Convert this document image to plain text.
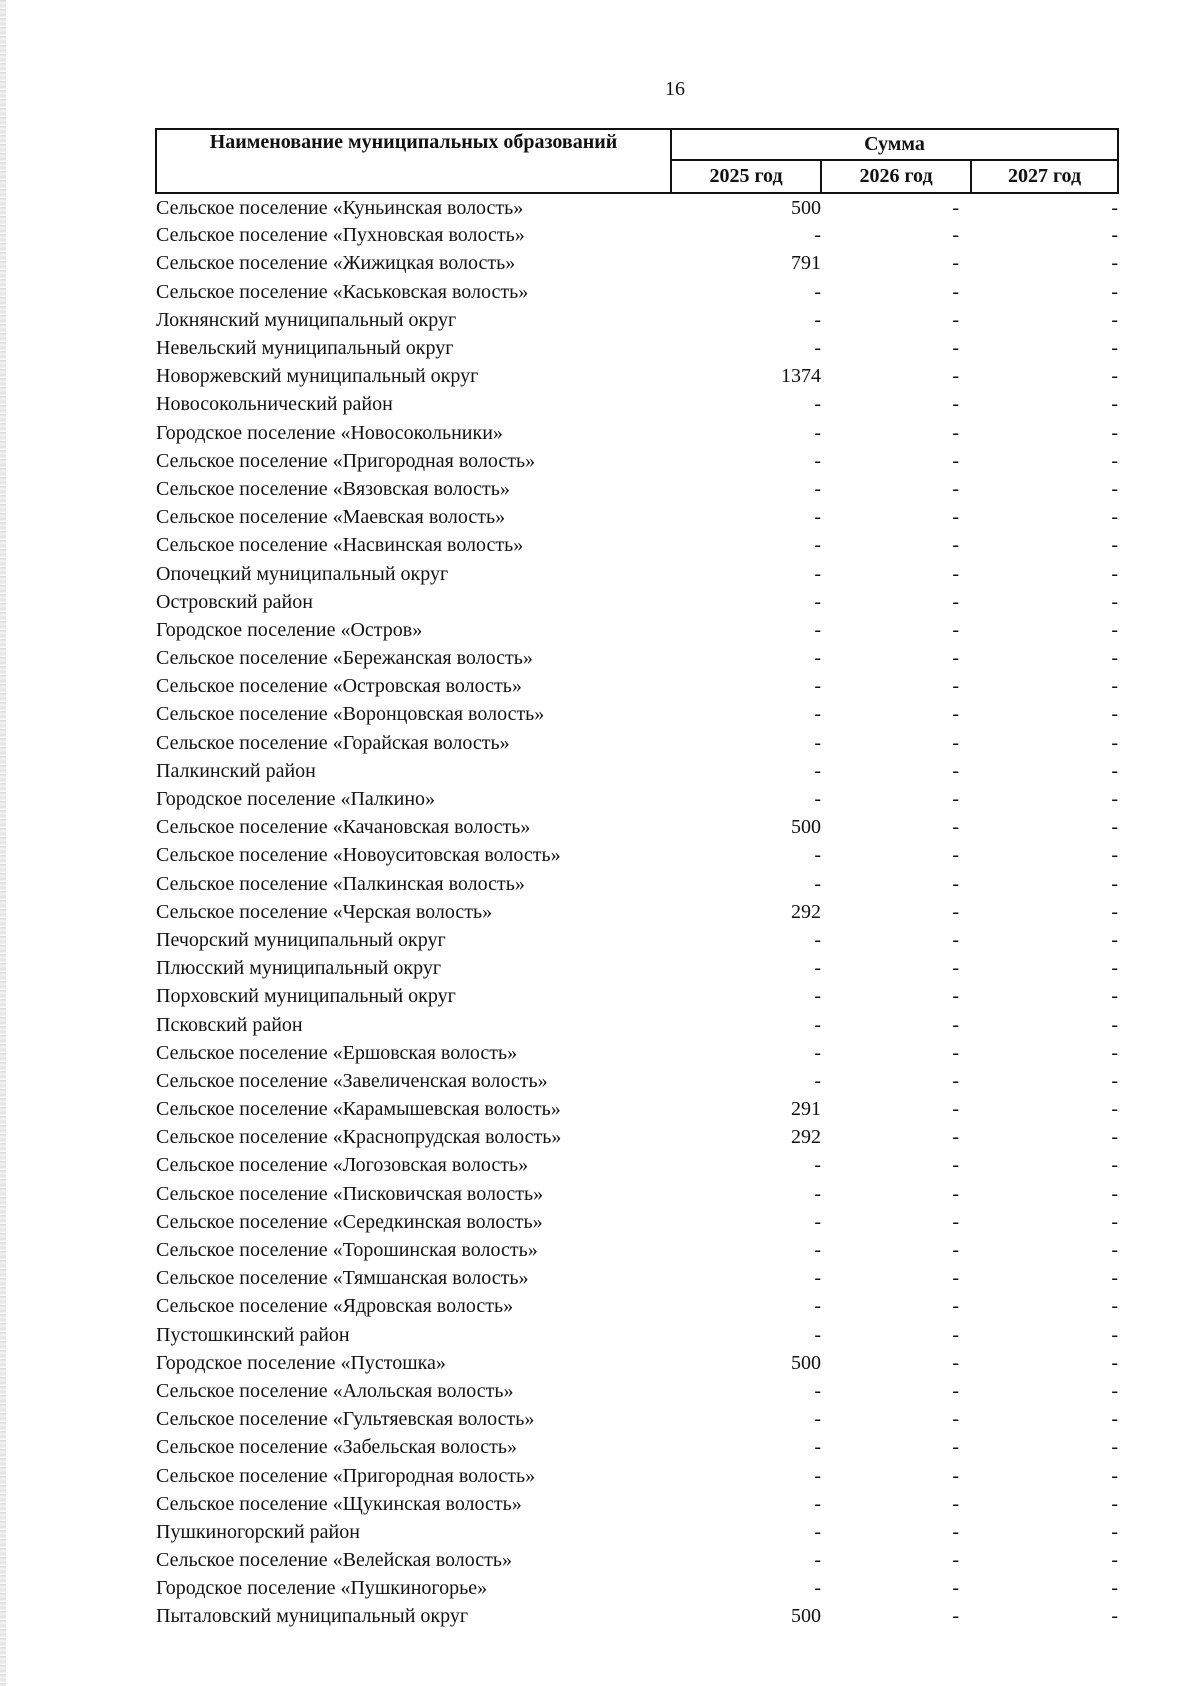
16
Наименование муниципальных образований	Сумма		
	2025 год	2026 год	2027 год
Сельское поселение «Куньинская волость»	500	-	-
Сельское поселение «Пухновская волость»	-	-	-
Сельское поселение «Жижицкая волость»	791	-	-
Сельское поселение «Каськовская волость»	-	-	-
Локнянский муниципальный округ	-	-	-
Невельский муниципальный округ	-	-	-
Новоржевский муниципальный округ	1374	-	-
Новосокольнический район	-	-	-
Городское поселение «Новосокольники»	-	-	-
Сельское поселение «Пригородная волость»	-	-	-
Сельское поселение «Вязовская волость»	-	-	-
Сельское поселение «Маевская волость»	-	-	-
Сельское поселение «Насвинская волость»	-	-	-
Опочецкий муниципальный округ	-	-	-
Островский район	-	-	-
Городское поселение «Остров»	-	-	-
Сельское поселение «Бережанская волость»	-	-	-
Сельское поселение «Островская волость»	-	-	-
Сельское поселение «Воронцовская волость»	-	-	-
Сельское поселение «Горайская волость»	-	-	-
Палкинский район	-	-	-
Городское поселение «Палкино»	-	-	-
Сельское поселение «Качановская волость»	500	-	-
Сельское поселение «Новоуситовская волость»	-	-	-
Сельское поселение «Палкинская волость»	-	-	-
Сельское поселение «Черская волость»	292	-	-
Печорский муниципальный округ	-	-	-
Плюсский муниципальный округ	-	-	-
Порховский муниципальный округ	-	-	-
Псковский район	-	-	-
Сельское поселение «Ершовская волость»	-	-	-
Сельское поселение «Завеличенская волость»	-	-	-
Сельское поселение «Карамышевская волость»	291	-	-
Сельское поселение «Краснопрудская волость»	292	-	-
Сельское поселение «Логозовская волость»	-	-	-
Сельское поселение «Писковичская волость»	-	-	-
Сельское поселение «Середкинская волость»	-	-	-
Сельское поселение «Торошинская волость»	-	-	-
Сельское поселение «Тямшанская волость»	-	-	-
Сельское поселение «Ядровская волость»	-	-	-
Пустошкинский район	-	-	-
Городское поселение «Пустошка»	500	-	-
Сельское поселение «Алольская волость»	-	-	-
Сельское поселение «Гультяевская волость»	-	-	-
Сельское поселение «Забельская волость»	-	-	-
Сельское поселение «Пригородная волость»	-	-	-
Сельское поселение «Щукинская волость»	-	-	-
Пушкиногорский район	-	-	-
Сельское поселение «Велейская волость»	-	-	-
Городское поселение «Пушкиногорье»	-	-	-
Пыталовский муниципальный округ	500	-	-
